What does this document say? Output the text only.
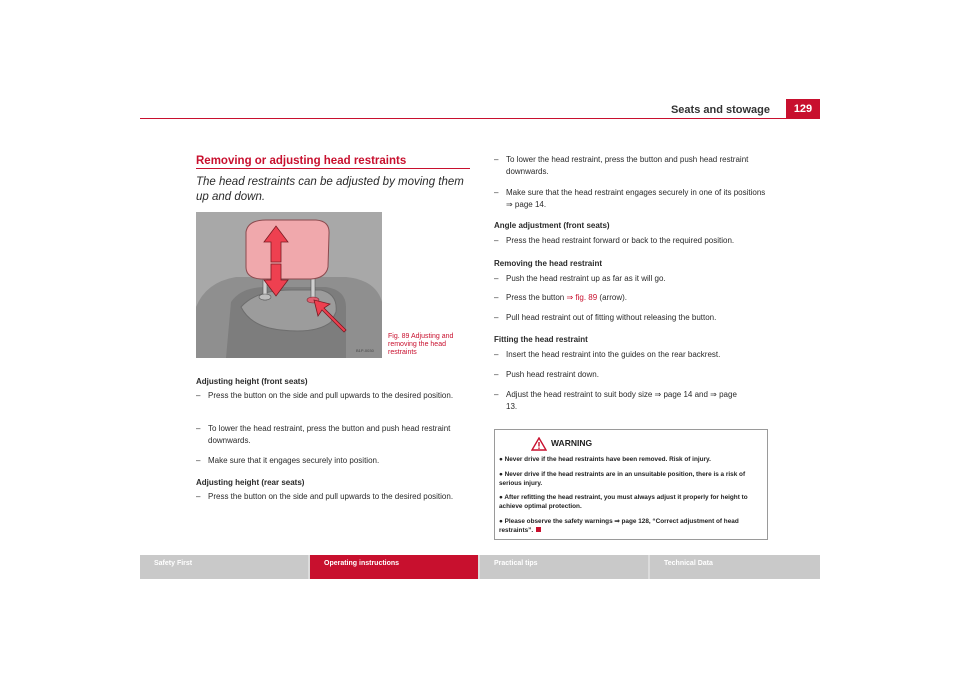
Seats and stowage	129
Removing or adjusting head restraints
The head restraints can be adjusted by moving them up and down.
B1P-0030
Fig. 89 Adjusting and removing the head restraints
Adjusting height (front seats)
– Press the button on the side and pull upwards to the desired position.
– To lower the head restraint, press the button and push head restraint downwards.
– Make sure that it engages securely into position.
Adjusting height (rear seats)
– Press the button on the side and pull upwards to the desired position.
– To lower the head restraint, press the button and push head restraint downwards.
– Make sure that the head restraint engages securely in one of its positions ⇒ page 14.
Angle adjustment (front seats)
– Press the head restraint forward or back to the required position.
Removing the head restraint
– Push the head restraint up as far as it will go.
– Press the button ⇒ fig. 89 (arrow).
– Pull head restraint out of fitting without releasing the button.
Fitting the head restraint
– Insert the head restraint into the guides on the rear backrest.
– Push head restraint down.
– Adjust the head restraint to suit body size ⇒ page 14 and ⇒ page 13.
WARNING
● Never drive if the head restraints have been removed. Risk of injury.
● Never drive if the head restraints are in an unsuitable position, there is a risk of serious injury.
● After refitting the head restraint, you must always adjust it properly for height to achieve optimal protection.
● Please observe the safety warnings ⇒ page 128, “Correct adjustment of head restraints”.
Safety First	Operating instructions	Practical tips	Technical Data
